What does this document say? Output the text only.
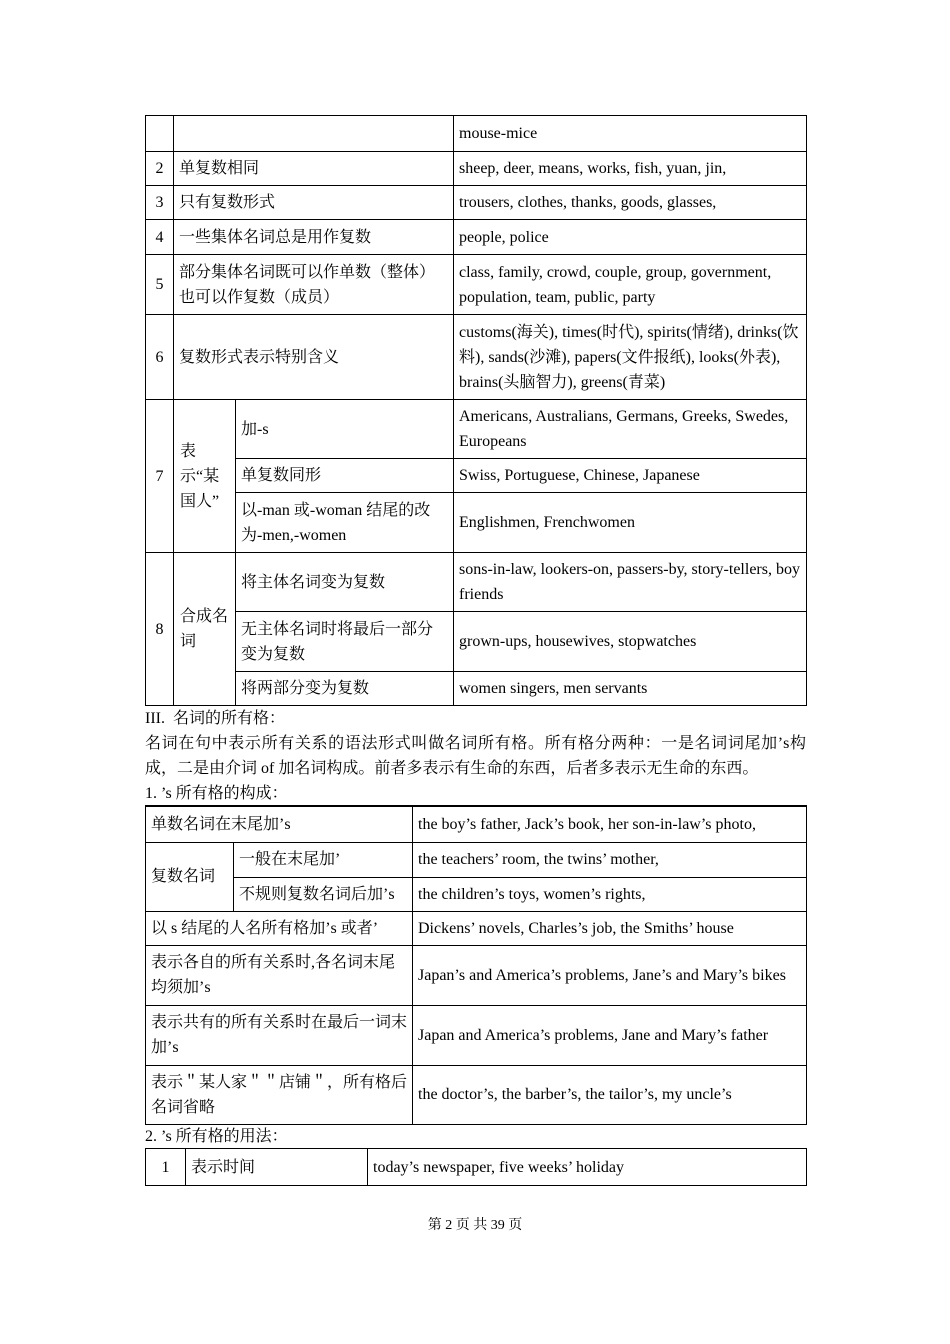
			mouse-mice
2	单复数相同		sheep, deer, means, works, fish, yuan, jin,
3	只有复数形式		trousers, clothes, thanks, goods, glasses,
4	一些集体名词总是用作复数		people, police
5	部分集体名词既可以作单数（整体）也可以作复数（成员）		class, family, crowd, couple, group, government, population, team, public, party
6	复数形式表示特别含义		customs(海关), times(时代), spirits(情绪), drinks(饮料), sands(沙滩), papers(文件报纸), looks(外表), brains(头脑智力), greens(青菜)
7	表示“某国人”	加-s	Americans, Australians, Germans, Greeks, Swedes, Europeans
		单复数同形	Swiss, Portuguese, Chinese, Japanese
		以-man 或-woman 结尾的改为-men,-women	Englishmen, Frenchwomen
8	合成名词	将主体名词变为复数	sons-in-law, lookers-on, passers-by, story-tellers, boy friends
		无主体名词时将最后一部分变为复数	grown-ups, housewives, stopwatches
		将两部分变为复数	women singers, men servants
III.  名词的所有格：
名词在句中表示所有关系的语法形式叫做名词所有格。所有格分两种：一是名词词尾加’s构成，二是由介词 of 加名词构成。前者多表示有生命的东西，后者多表示无生命的东西。
1. ’s 所有格的构成：
单数名词在末尾加’s		the boy’s father, Jack’s book, her son-in-law’s photo,
复数名词	一般在末尾加’	the teachers’ room, the twins’ mother,
	不规则复数名词后加’s	the children’s toys, women’s rights,
以 s 结尾的人名所有格加’s 或者’		Dickens’ novels, Charles’s job, the Smiths’ house
表示各自的所有关系时,各名词末尾均须加’s		Japan’s and America’s problems, Jane’s and Mary’s bikes
表示共有的所有关系时在最后一词末加’s		Japan and America’s problems, Jane and Mary’s father
表示＂某人家＂＂店铺＂，所有格后名词省略		the doctor’s, the barber’s, the tailor’s, my uncle’s
2. ’s 所有格的用法：
1	表示时间	today’s newspaper, five weeks’ holiday
第 2 页 共 39 页
